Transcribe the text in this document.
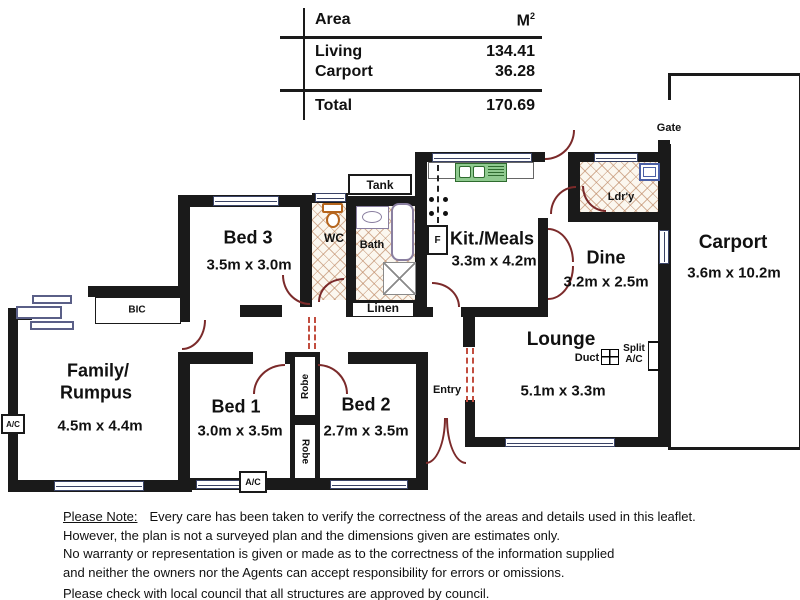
Area	$M^2$
Living	134.41
Carport	36.28
Total	170.69
Tank
F
A/C
A/C
Robe
Robe
Gate
Carport
3.6m x 10.2m
Ldr'y
Dine
3.2m x 2.5m
Lounge
5.1m x 3.3m
Duct
Split
A/C
Kit./Meals
3.3m x 4.2m
WC Bath
Linen
Bed 3
3.5m x 3.0m
BIC
Family/
Rumpus
4.5m x 4.4m
Bed 1
3.0m x 3.5m
Bed 2
2.7m x 3.5m
Entry
Please Note: Every care has been taken to verify the correctness of the areas and details used in this leaflet.
However, the plan is not a surveyed plan and the dimensions given are estimates only.
No warranty or representation is given or made as to the correctness of the information supplied
and neither the owners nor the Agents can accept responsibility for errors or omissions.
Please check with local council that all structures are approved by council.
